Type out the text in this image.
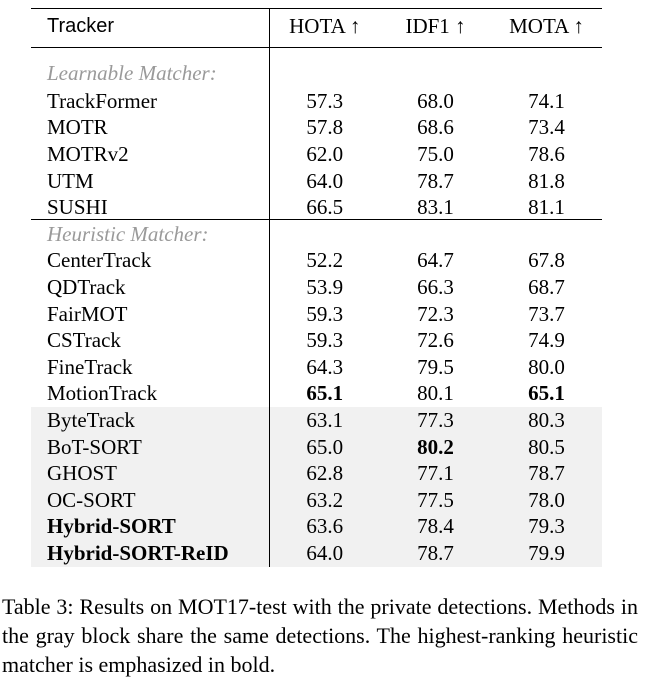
Tracker	HOTA ↑	IDF1 ↑	MOTA ↑
Learnable Matcher:			
TrackFormer	57.3	68.0	74.1
MOTR	57.8	68.6	73.4
MOTRv2	62.0	75.0	78.6
UTM	64.0	78.7	81.8
SUSHI	66.5	83.1	81.1
Heuristic Matcher:			
CenterTrack	52.2	64.7	67.8
QDTrack	53.9	66.3	68.7
FairMOT	59.3	72.3	73.7
CSTrack	59.3	72.6	74.9
FineTrack	64.3	79.5	80.0
MotionTrack	65.1	80.1	65.1
ByteTrack	63.1	77.3	80.3
BoT-SORT	65.0	80.2	80.5
GHOST	62.8	77.1	78.7
OC-SORT	63.2	77.5	78.0
Hybrid-SORT	63.6	78.4	79.3
Hybrid-SORT-ReID	64.0	78.7	79.9
Table 3: Results on MOT17-test with the private detections. Methods in the gray block share the same detections. The highest-ranking heuristic matcher is emphasized in bold.
